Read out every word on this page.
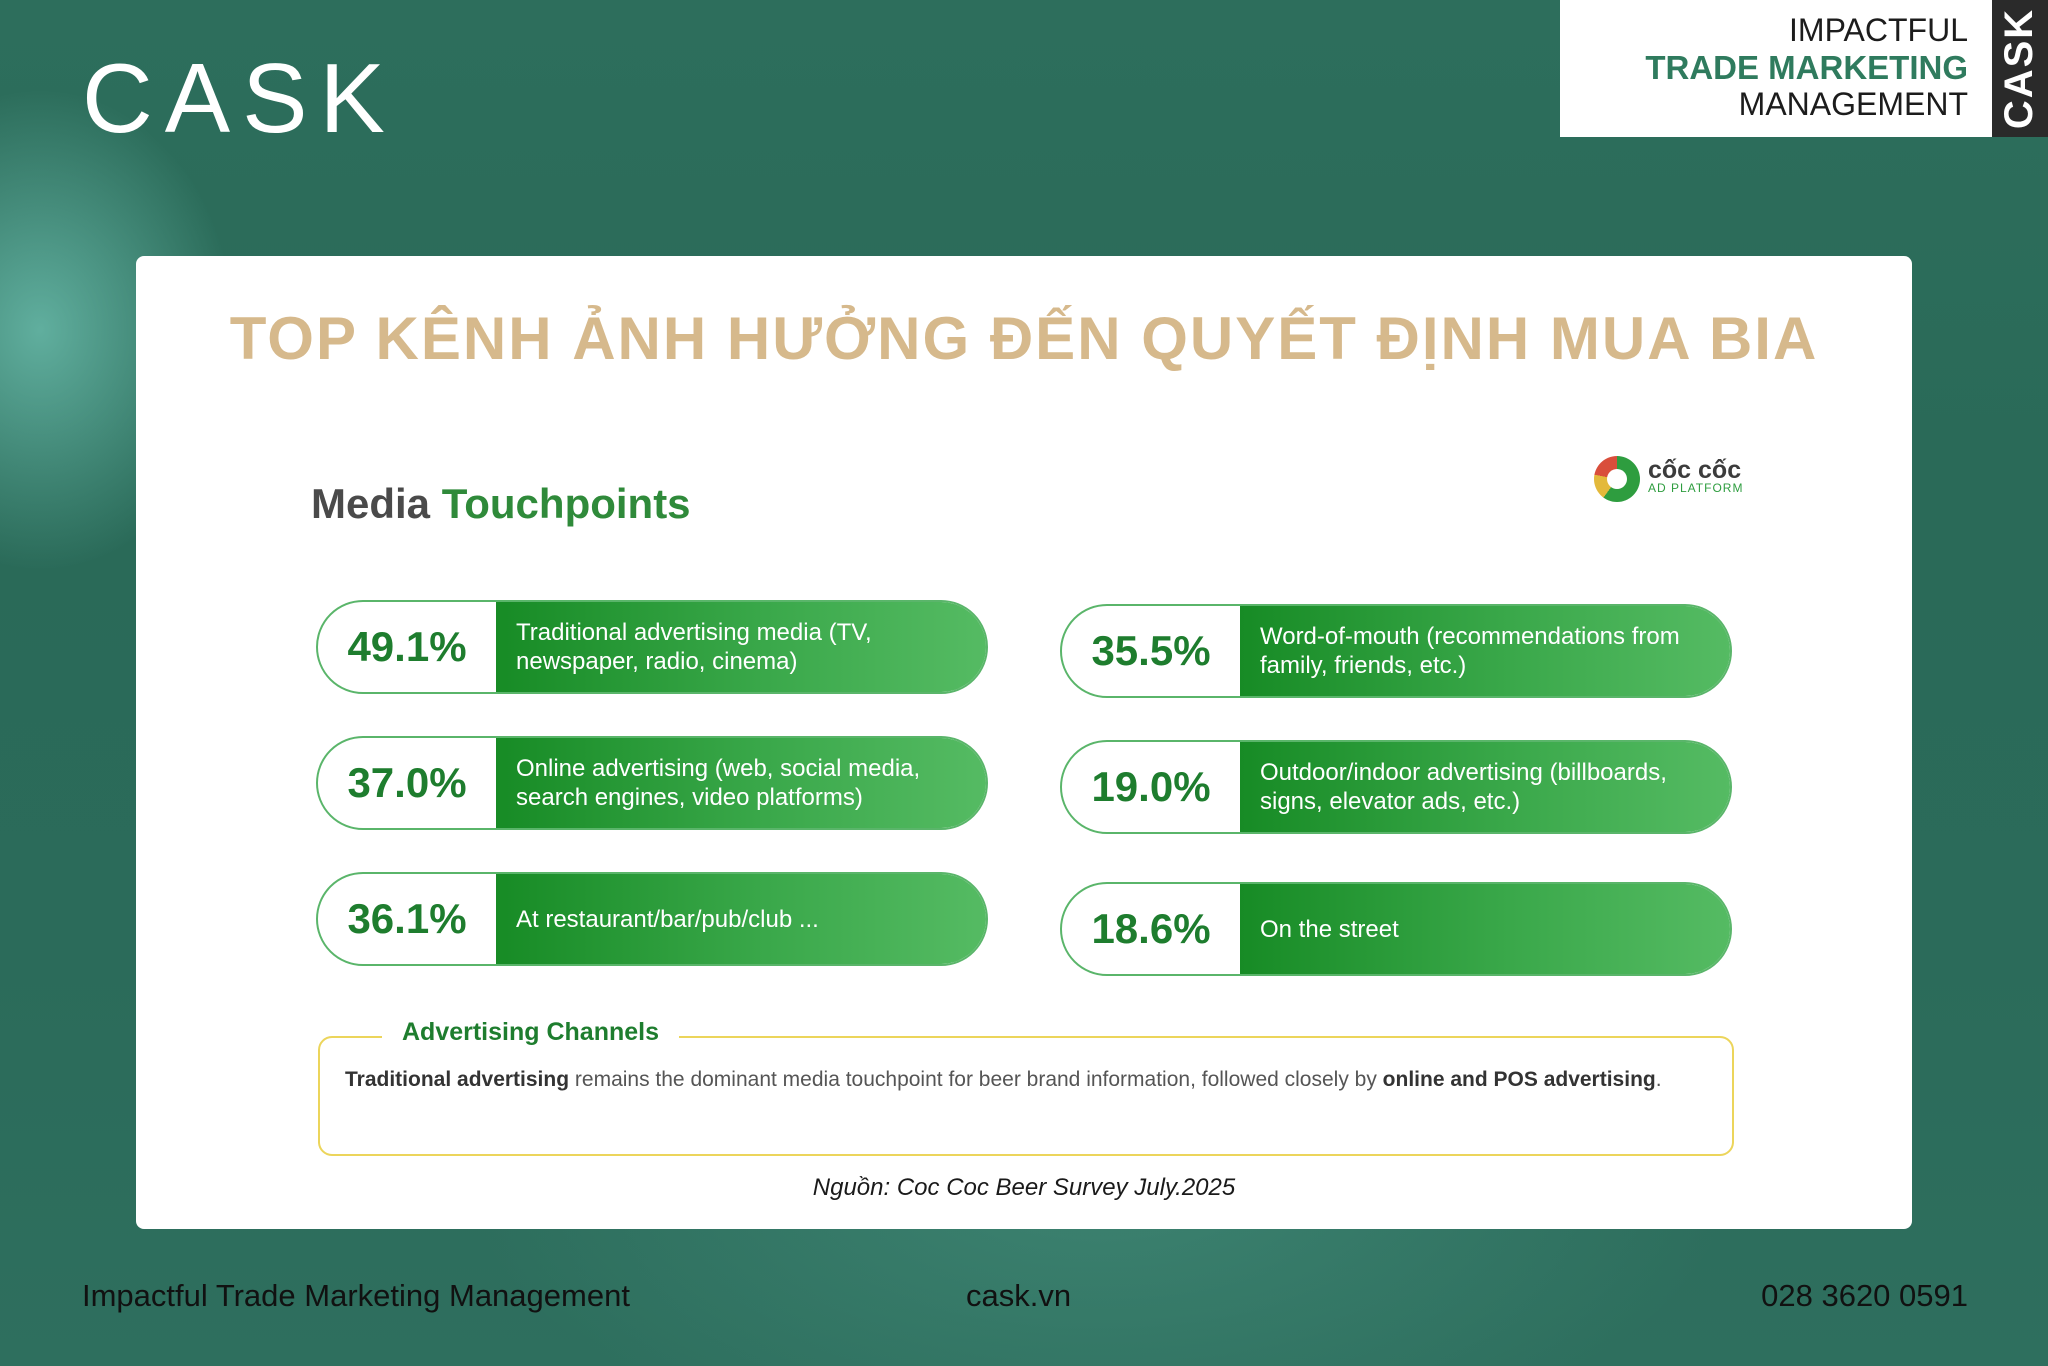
CASK
IMPACTFUL
TRADE MARKETING
MANAGEMENT CASK
TOP KÊNH ẢNH HƯỞNG ĐẾN QUYẾT ĐỊNH MUA BIA
Media Touchpoints
cốc cốc
AD PLATFORM
49.1%	Traditional advertising media (TV, newspaper, radio, cinema)
37.0%	Online advertising (web, social media, search engines, video platforms)
36.1%	At restaurant/bar/pub/club ...
35.5%	Word-of-mouth (recommendations from family, friends, etc.)
19.0%	Outdoor/indoor advertising (billboards, signs, elevator ads, etc.)
18.6%	On the street
Advertising Channels
Traditional advertising remains the dominant media touchpoint for beer brand information, followed closely by online and POS advertising.
Nguồn: Coc Coc Beer Survey July.2025
Impactful Trade Marketing Management	cask.vn	028 3620 0591
